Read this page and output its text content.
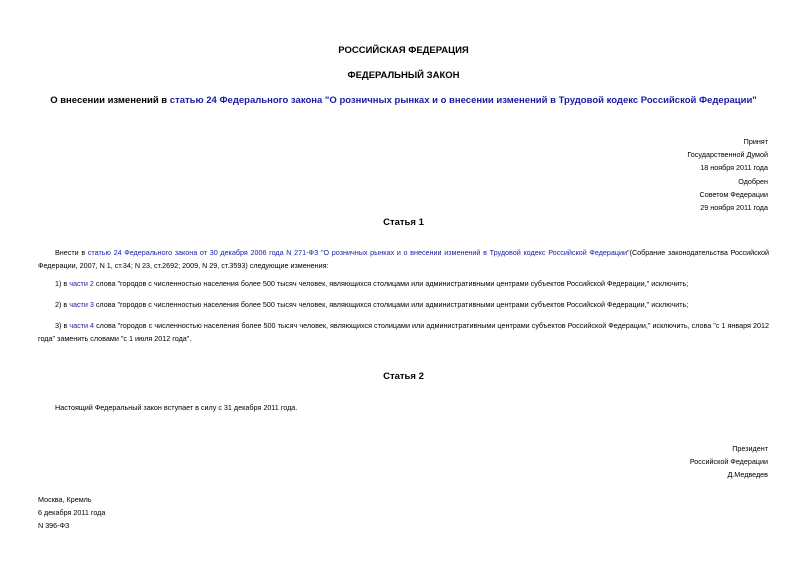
РОССИЙСКАЯ ФЕДЕРАЦИЯ
ФЕДЕРАЛЬНЫЙ ЗАКОН
О внесении изменений в статью 24 Федерального закона "О розничных рынках и о внесении изменений в Трудовой кодекс Российской Федерации"
Принят
Государственной Думой
18 ноября 2011 года
Одобрен
Советом Федерации
29 ноября 2011 года
Статья 1
Внести в статью 24 Федерального закона от 30 декабря 2006 года N 271-ФЗ "О розничных рынках и о внесении изменений в Трудовой кодекс Российской Федерации"(Собрание законодательства Российской Федерации, 2007, N 1, ст.34; N 23, ст.2692; 2009, N 29, ст.3593) следующие изменения:
1) в части 2 слова "городов с численностью населения более 500 тысяч человек, являющихся столицами или административными центрами субъектов Российской Федерации," исключить;
2) в части 3 слова "городов с численностью населения более 500 тысяч человек, являющихся столицами или административными центрами субъектов Российской Федерации," исключить;
3) в части 4 слова "городов с численностью населения более 500 тысяч человек, являющихся столицами или административными центрами субъектов Российской Федерации," исключить, слова "с 1 января 2012 года" заменить словами "с 1 июля 2012 года".
Статья 2
Настоящий Федеральный закон вступает в силу с 31 декабря 2011 года.
Президент
Российской Федерации
Д.Медведев
Москва, Кремль
6 декабря 2011 года
N 396-ФЗ
